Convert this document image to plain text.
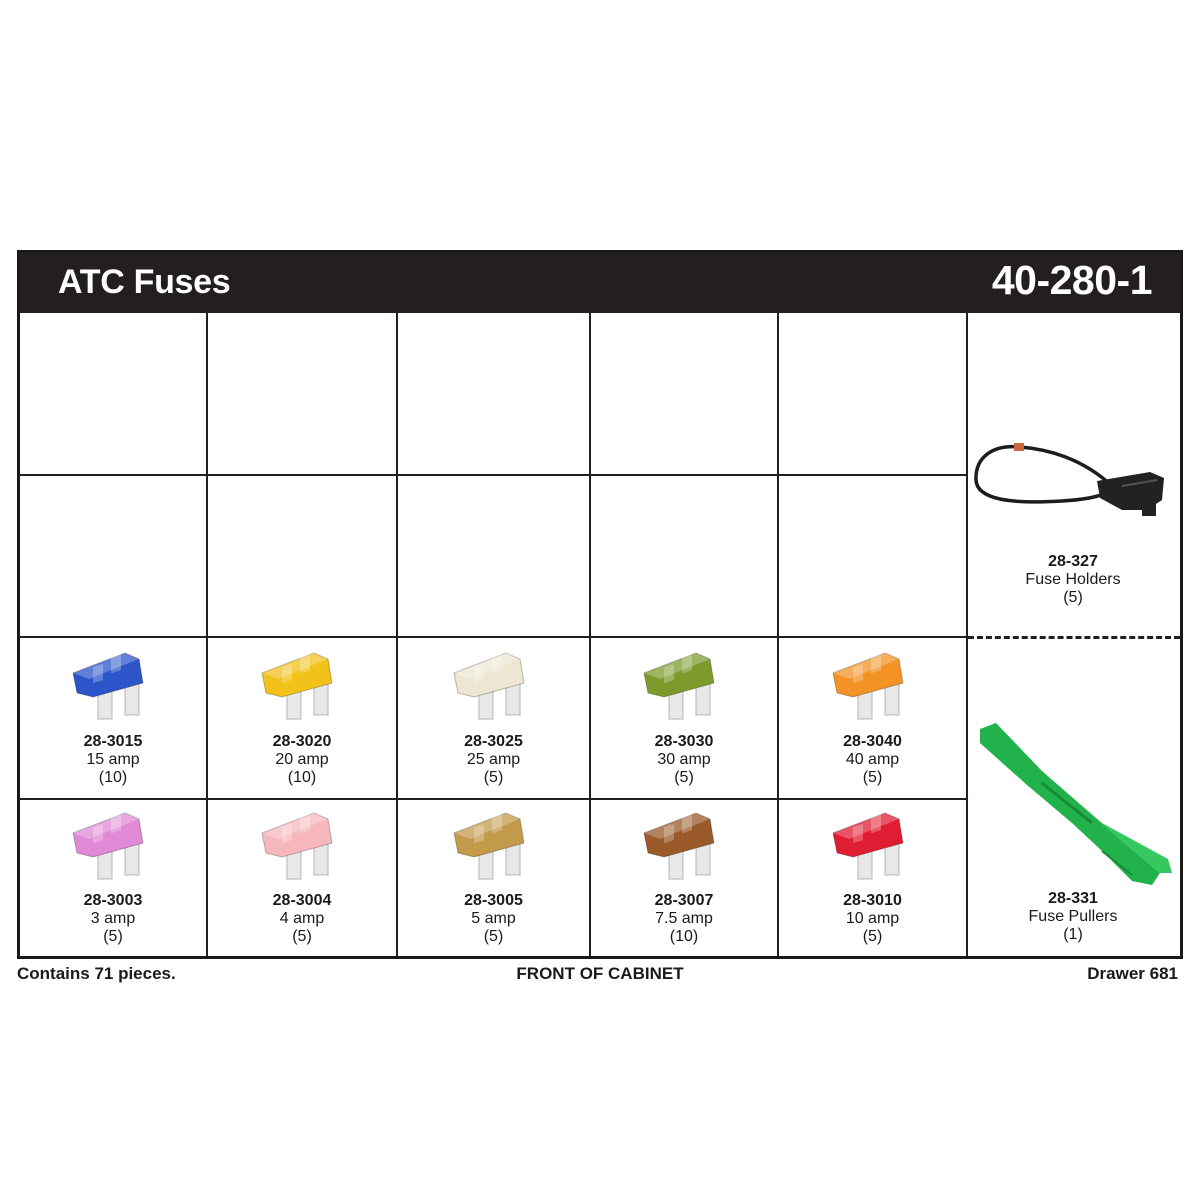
ATC Fuses	40-280-1
28-327
Fuse Holders
(5)
28-331
Fuse Pullers
(1)
28-3015
15 amp
(10)
28-3020
20 amp
(10)
28-3025
25 amp
(5)
28-3030
30 amp
(5)
28-3040
40 amp
(5)
28-3003
3 amp
(5)
28-3004
4 amp
(5)
28-3005
5 amp
(5)
28-3007
7.5 amp
(10)
28-3010
10 amp
(5)
Contains 71 pieces.	FRONT OF CABINET	Drawer 681
